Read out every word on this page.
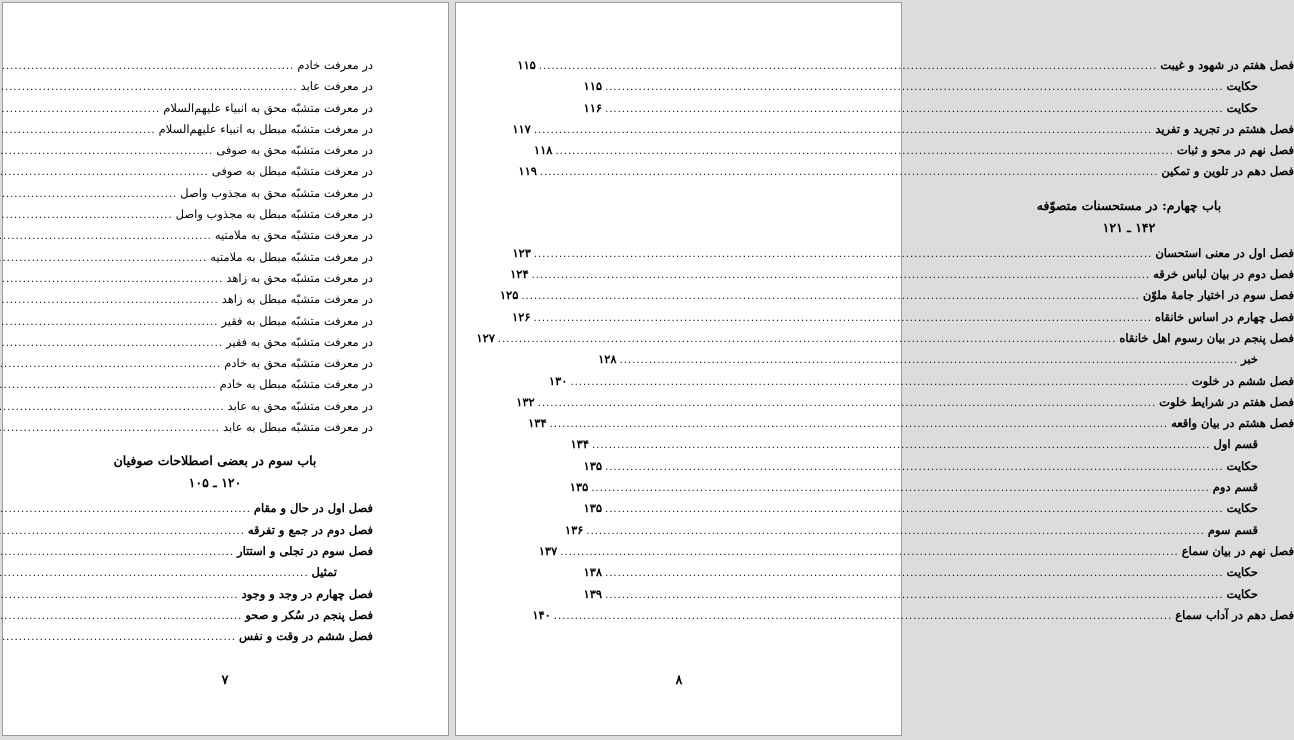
در معرفت خادم
.....
در معرفت عابد
.....
در معرفت متشبّه محق به انبیاء علیهم‌السلام
.....
در معرفت متشبّه مبطل به انبیاء علیهم‌السلام
.....
در معرفت متشبّه محق به صوفی
.....
در معرفت متشبّه مبطل به صوفی
.....
در معرفت متشبّه محق به مجذوب واصل
.....
در معرفت متشبّه مبطل به مجذوب واصل
.....
در معرفت متشبّه محق به ملامتیه
.....
در معرفت متشبّه مبطل به ملامتیه
.....
در معرفت متشبّه محق به زاهد
.....
در معرفت متشبّه مبطل به زاهد
.....
در معرفت متشبّه مبطل به فقیر
.....
در معرفت متشبّه محق به فقیر
.....
در معرفت متشبّه محق به خادم
.....
در معرفت متشبّه مبطل به خادم
.....
در معرفت متشبّه محق به عابد
.....
در معرفت متشبّه مبطل به عابد
.....
باب سوم در بعضی اصطلاحات صوفیان
۱۲۰ ـ ۱۰۵
فصل اول در حال و مقام
.....
فصل دوم در جمع و تفرقه
.....
فصل سوم در تجلی و استتار
.....
تمثیل
.....
فصل چهارم در وجد و وجود
.....
فصل پنجم در سُکر و صحو
.....
فصل ششم در وقت و نفس
.....
۷
فصل هفتم در شهود و غیبت
.....
۱۱۵
حکایت
.....
۱۱۵
حکایت
.....
۱۱۶
فصل هشتم در تجرید و تفرید
.....
۱۱۷
فصل نهم در محو و ثبات
.....
۱۱۸
فصل دهم در تلوین و تمکین
.....
۱۱۹
باب چهارم: در مستحسنات متصوّفه
۱۴۲ ـ ۱۲۱
فصل اول در معنی استحسان
.....
۱۲۳
فصل دوم در بیان لباس خرقه
.....
۱۲۴
فصل سوم در اختیار جامهٔ ملوّن
.....
۱۲۵
فصل چهارم در اساس خانقاه
.....
۱۲۶
فصل پنجم در بیان رسوم اهل خانقاه
.....
۱۲۷
خبر
.....
۱۲۸
فصل ششم در خلوت
.....
۱۳۰
فصل هفتم در شرایط خلوت
.....
۱۳۲
فصل هشتم در بیان واقعه
.....
۱۳۴
قسم اول
.....
۱۳۴
حکایت
.....
۱۳۵
قسم دوم
.....
۱۳۵
حکایت
.....
۱۳۵
قسم سوم
.....
۱۳۶
فصل نهم در بیان سماع
.....
۱۳۷
حکایت
.....
۱۳۸
حکایت
.....
۱۳۹
فصل دهم در آداب سماع
.....
۱۴۰
۸
